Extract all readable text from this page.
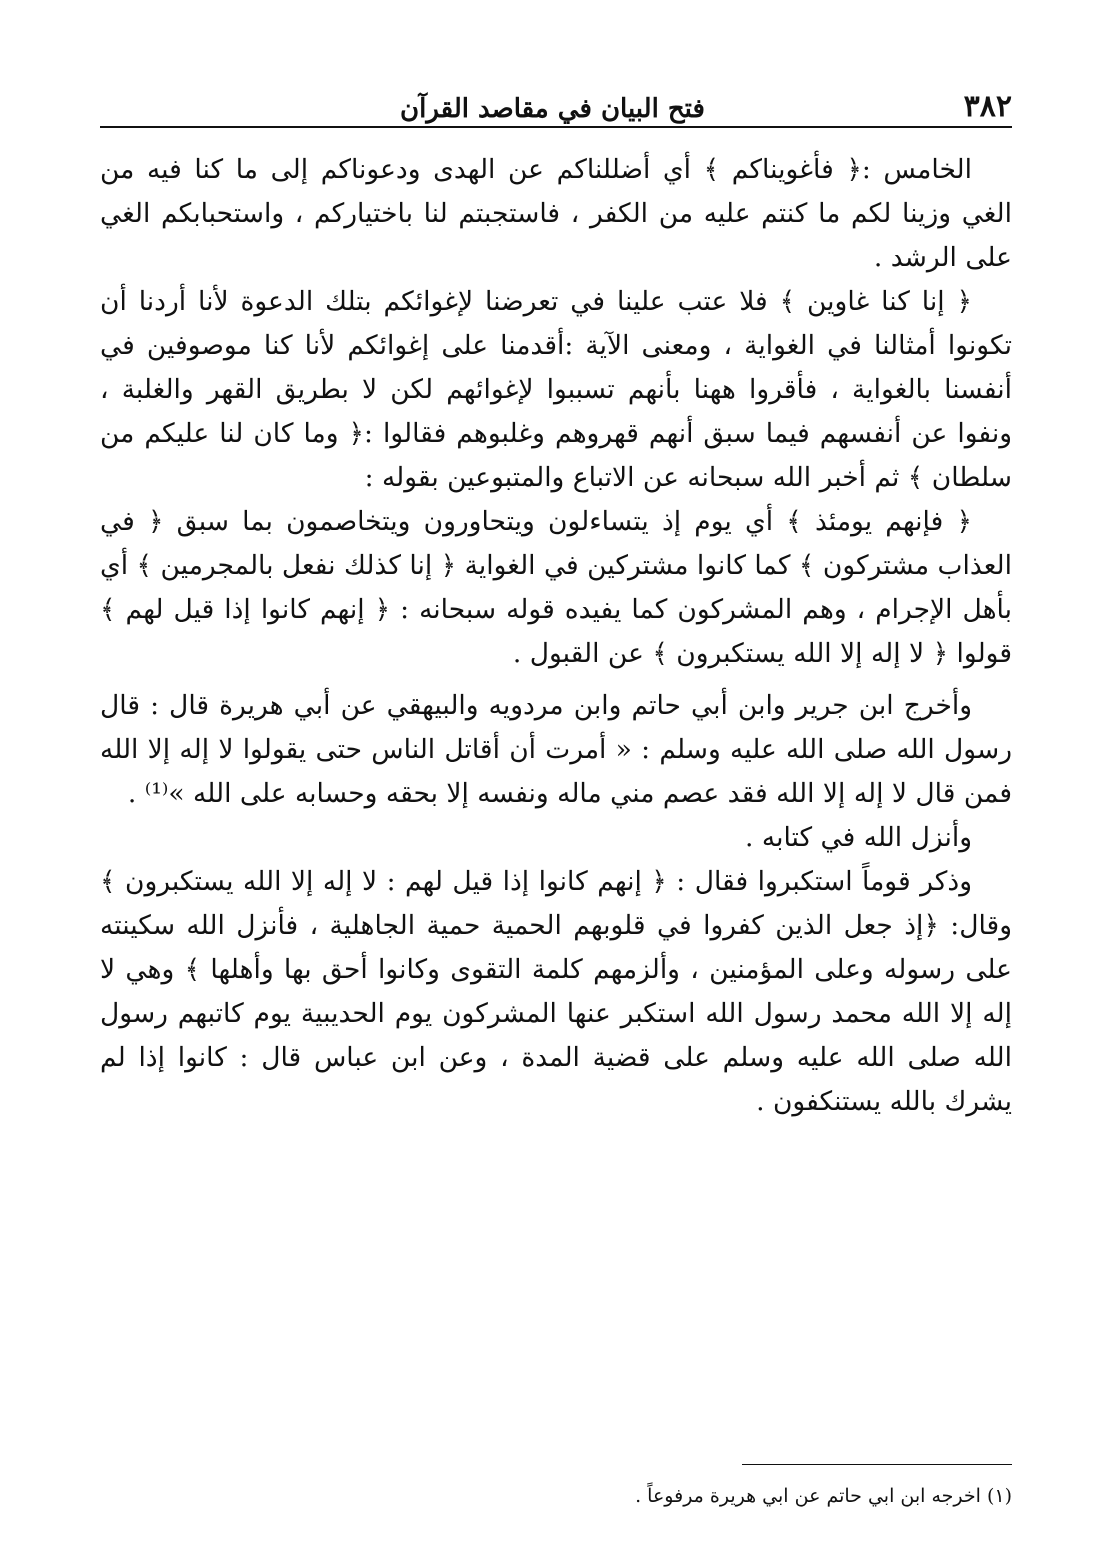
٣٨٢
فتح البيان في مقاصد القرآن

الخامس :﴿ فأغويناكم ﴾ أي أضللناكم عن الهدى ودعوناكم إلى ما كنا فيه من الغي وزينا لكم ما كنتم عليه من الكفر ، فاستجبتم لنا باختياركم ، واستحبابكم الغي على الرشد .

﴿ إنا كنا غاوين ﴾ فلا عتب علينا في تعرضنا لإغوائكم بتلك الدعوة لأنا أردنا أن تكونوا أمثالنا في الغواية ، ومعنى الآية :أقدمنا على إغوائكم لأنا كنا موصوفين في أنفسنا بالغواية ، فأقروا ههنا بأنهم تسببوا لإغوائهم لكن لا بطريق القهر والغلبة ، ونفوا عن أنفسهم فيما سبق أنهم قهروهم وغلبوهم فقالوا :﴿ وما كان لنا عليكم من سلطان ﴾ ثم أخبر الله سبحانه عن الاتباع والمتبوعين بقوله :

﴿ فإنهم يومئذ ﴾ أي يوم إذ يتساءلون ويتحاورون ويتخاصمون بما سبق ﴿ في العذاب مشتركون ﴾ كما كانوا مشتركين في الغواية ﴿ إنا كذلك نفعل بالمجرمين ﴾ أي بأهل الإجرام ، وهم المشركون كما يفيده قوله سبحانه : ﴿ إنهم كانوا إذا قيل لهم ﴾ قولوا ﴿ لا إله إلا الله يستكبرون ﴾ عن القبول .

وأخرج ابن جرير وابن أبي حاتم وابن مردويه والبيهقي عن أبي هريرة قال : قال رسول الله صلى الله عليه وسلم : « أمرت أن أقاتل الناس حتى يقولوا لا إله إلا الله فمن قال لا إله إلا الله فقد عصم مني ماله ونفسه إلا بحقه وحسابه على الله »⁽¹⁾ .

وأنزل الله في كتابه .

وذكر قوماً استكبروا فقال : ﴿ إنهم كانوا إذا قيل لهم : لا إله إلا الله يستكبرون ﴾ وقال: ﴿إذ جعل الذين كفروا في قلوبهم الحمية حمية الجاهلية ، فأنزل الله سكينته على رسوله وعلى المؤمنين ، وألزمهم كلمة التقوى وكانوا أحق بها وأهلها ﴾ وهي لا إله إلا الله محمد رسول الله استكبر عنها المشركون يوم الحديبية يوم كاتبهم رسول الله صلى الله عليه وسلم على قضية المدة ، وعن ابن عباس قال : كانوا إذا لم يشرك بالله يستنكفون .

(١) اخرجه ابن ابي حاتم عن ابي هريرة مرفوعاً .
